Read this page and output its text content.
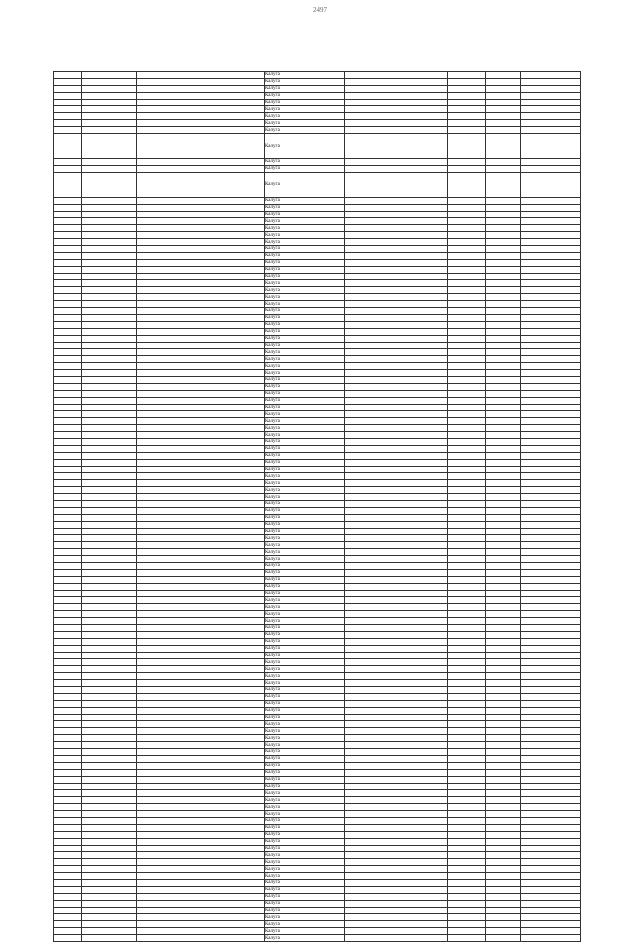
2497
			Калуга				
			Калуга				
			Калуга				
			Калуга				
			Калуга				
			Калуга				
			Калуга				
			Калуга				
			Калуга				
			Калуга				
			Калуга				
			Калуга				
			Калуга				
			Калуга				
			Калуга				
			Калуга				
			Калуга				
			Калуга				
			Калуга				
			Калуга				
			Калуга				
			Калуга				
			Калуга				
			Калуга				
			Калуга				
			Калуга				
			Калуга				
			Калуга				
			Калуга				
			Калуга				
			Калуга				
			Калуга				
			Калуга				
			Калуга				
			Калуга				
			Калуга				
			Калуга				
			Калуга				
			Калуга				
			Калуга				
			Калуга				
			Калуга				
			Калуга				
			Калуга				
			Калуга				
			Калуга				
			Калуга				
			Калуга				
			Калуга				
			Калуга				
			Калуга				
			Калуга				
			Калуга				
			Калуга				
			Калуга				
			Калуга				
			Калуга				
			Калуга				
			Калуга				
			Калуга				
			Калуга				
			Калуга				
			Калуга				
			Калуга				
			Калуга				
			Калуга				
			Калуга				
			Калуга				
			Калуга				
			Калуга				
			Калуга				
			Калуга				
			Калуга				
			Калуга				
			Калуга				
			Калуга				
			Калуга				
			Калуга				
			Калуга				
			Калуга				
			Калуга				
			Калуга				
			Калуга				
			Калуга				
			Калуга				
			Калуга				
			Калуга				
			Калуга				
			Калуга				
			Калуга				
			Калуга				
			Калуга				
			Калуга				
			Калуга				
			Калуга				
			Калуга				
			Калуга				
			Калуга				
			Калуга				
			Калуга				
			Калуга				
			Калуга				
			Калуга				
			Калуга				
			Калуга				
			Калуга				
			Калуга				
			Калуга				
			Калуга				
			Калуга				
			Калуга				
			Калуга				
			Калуга				
			Калуга				
			Калуга				
			Калуга				
			Калуга				
			Калуга				
			Калуга				
			Калуга				
			Калуга				
